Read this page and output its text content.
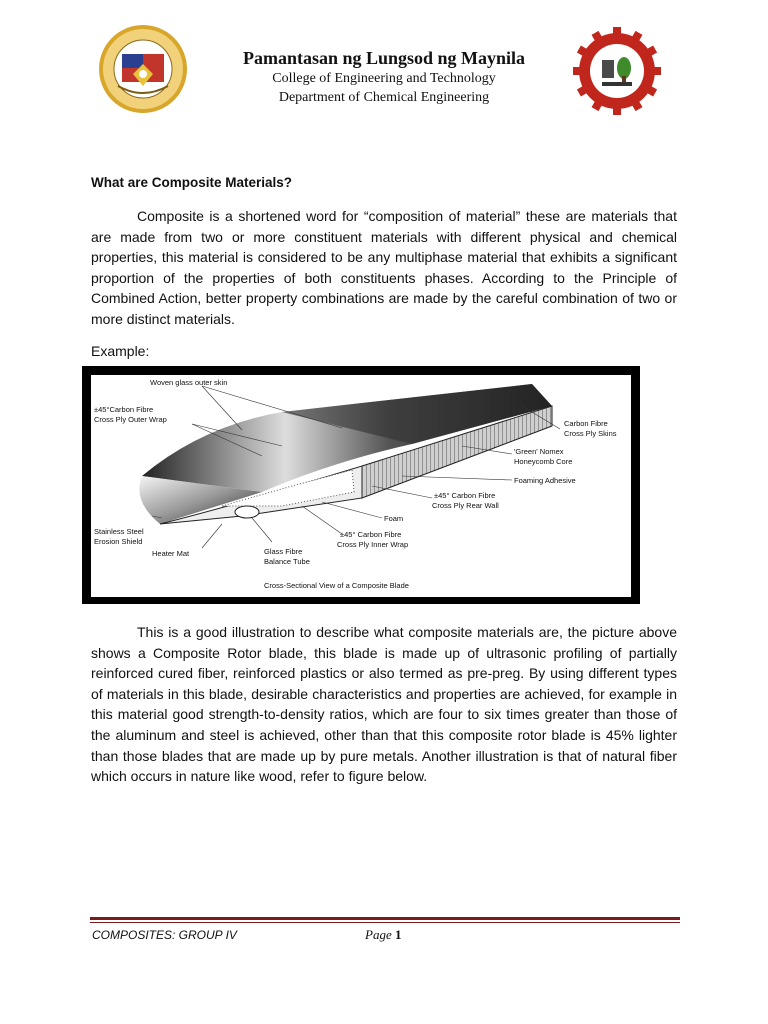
Pamantasan ng Lungsod ng Maynila
College of Engineering and Technology
Department of Chemical Engineering
What are Composite Materials?
Composite is a shortened word for “composition of material” these are materials that are made from two or more constituent materials with different physical and chemical properties, this material is considered to be any multiphase material that exhibits a significant proportion of the properties of both constituents phases. According to the Principle of Combined Action, better property combinations are made by the careful combination of two or more distinct materials.
Example:
Woven glass outer skin
±45°Carbon Fibre
Cross Ply Outer Wrap	Carbon Fibre
Cross Ply Skins
'Green' Nomex
Honeycomb Core
Foaming Adhesive
±45° Carbon Fibre
Cross Ply Rear Wall
Foam
±45° Carbon Fibre
Cross Ply Inner Wrap
Stainless Steel
Erosion Shield
Heater Mat	Glass Fibre
Balance Tube
Cross-Sectional View of a Composite Blade
This is a good illustration to describe what composite materials are, the picture above shows a Composite Rotor blade, this blade is made up of ultrasonic profiling of partially reinforced cured fiber, reinforced plastics or also termed as pre-preg. By using different types of materials in this blade, desirable characteristics and properties are achieved, for example in this material good strength-to-density ratios, which are four to six times greater than those of the aluminum and steel is achieved, other than that this composite rotor blade is 45% lighter than those blades that are made up by pure metals. Another illustration is that of natural fiber which occurs in nature like wood, refer to figure below.
COMPOSITES: GROUP IV	Page 1
